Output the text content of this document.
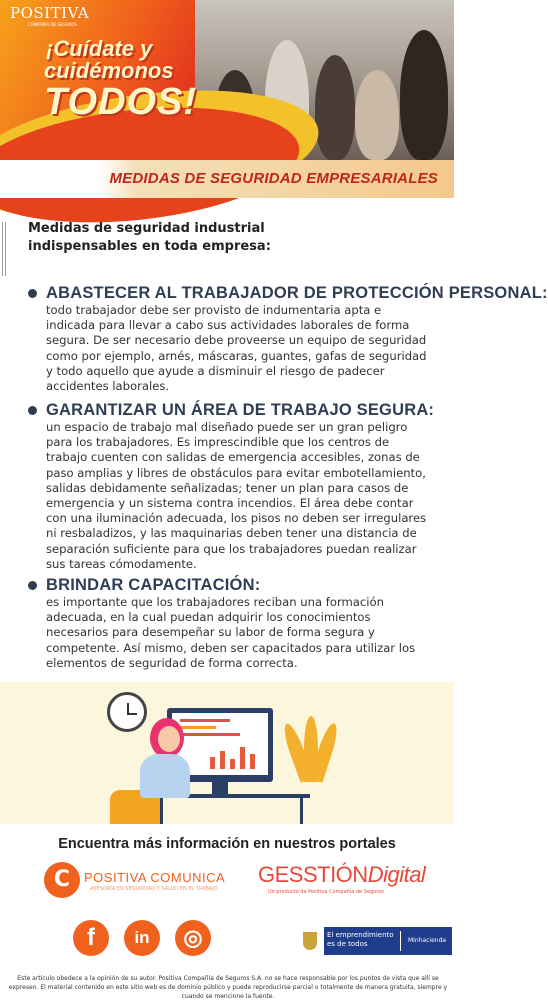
POSITIVA
COMPAÑÍA DE SEGUROS
¡Cuídate y
cuidémonos
TODOS!
MEDIDAS DE SEGURIDAD EMPRESARIALES
Medidas de seguridad industrial indispensables en toda empresa:
ABASTECER AL TRABAJADOR DE PROTECCIÓN PERSONAL:
todo trabajador debe ser provisto de indumentaria apta e indicada para llevar a cabo sus actividades laborales de forma segura. De ser necesario debe proveerse un equipo de seguridad como por ejemplo, arnés, máscaras, guantes, gafas de seguridad y todo aquello que ayude a disminuir el riesgo de padecer accidentes laborales.
GARANTIZAR UN ÁREA DE TRABAJO SEGURA:
un espacio de trabajo mal diseñado puede ser un gran peligro para los trabajadores. Es imprescindible que los centros de trabajo cuenten con salidas de emergencia accesibles, zonas de paso amplias y libres de obstáculos para evitar embotellamiento, salidas debidamente señalizadas; tener un plan para casos de emergencia y un sistema contra incendios. El área debe contar con una iluminación adecuada, los pisos no deben ser irregulares ni resbaladizos, y las maquinarias deben tener una distancia de separación suficiente para que los trabajadores puedan realizar sus tareas cómodamente.
BRINDAR CAPACITACIÓN:
es importante que los trabajadores reciban una formación adecuada, en la cual puedan adquirir los conocimientos necesarios para desempeñar su labor de forma segura y competente. Así mismo, deben ser capacitados para utilizar los elementos de seguridad de forma correcta.
Encuentra más información en nuestros portales
C	POSITIVA COMUNICA
ASESORÍA EN SEGURIDAD Y SALUD EN EL TRABAJO
GESSTIÓNDigital
Un producto de Positiva Compañía de Seguros
f	in	◎	El emprendimiento
es de todos	Minhacienda
Este artículo obedece a la opinión de su autor. Positiva Compañía de Seguros S.A. no se hace responsable por los puntos de vista que allí se expresen. El material contenido en este sitio web es de dominio público y puede reproducirse parcial o totalmente de manera gratuita, siempre y cuando se mencione la fuente.
